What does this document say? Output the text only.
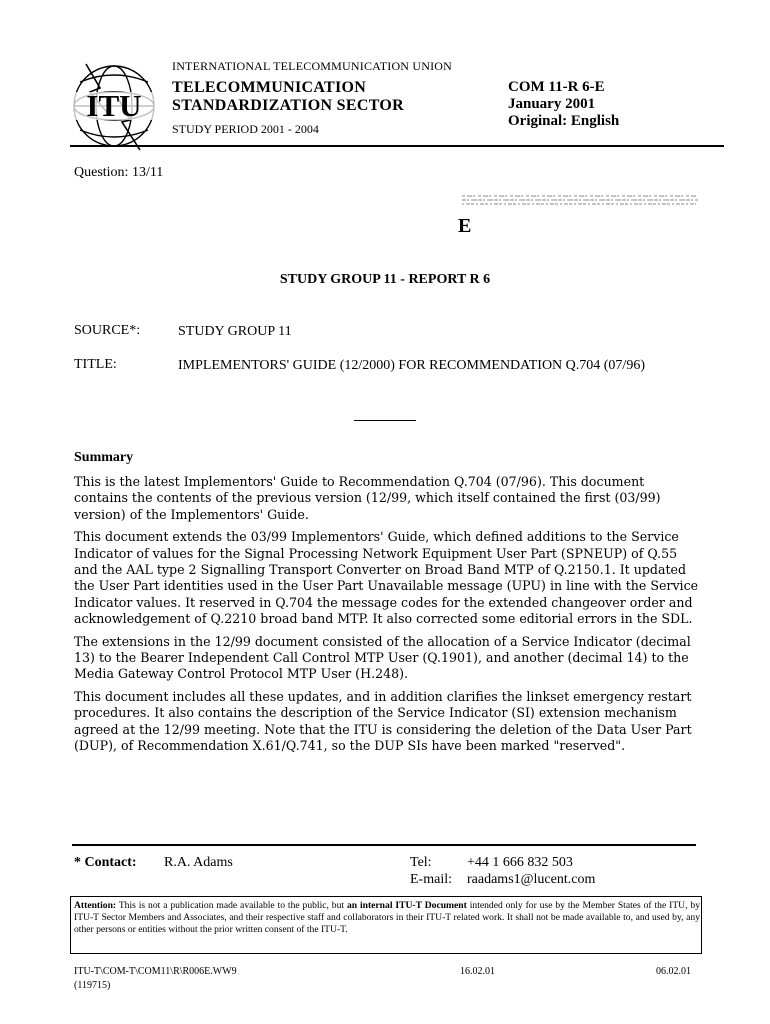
ITU
INTERNATIONAL TELECOMMUNICATION UNION
TELECOMMUNICATION
STANDARDIZATION SECTOR
STUDY PERIOD 2001 - 2004
COM 11-R 6-E
January 2001
Original: English
Question: 13/11
E
STUDY GROUP 11 - REPORT R 6
SOURCE*:	STUDY GROUP 11
TITLE:	IMPLEMENTORS' GUIDE (12/2000) FOR RECOMMENDATION Q.704 (07/96)
Summary

This is the latest Implementors' Guide to Recommendation Q.704 (07/96). This document contains the contents of the previous version (12/99, which itself contained the first (03/99) version) of the Implementors' Guide.

This document extends the 03/99 Implementors' Guide, which defined additions to the Service Indicator of values for the Signal Processing Network Equipment User Part (SPNEUP) of Q.55 and the AAL type 2 Signalling Transport Converter on Broad Band MTP of Q.2150.1. It updated the User Part identities used in the User Part Unavailable message (UPU) in line with the Service Indicator values. It reserved in Q.704 the message codes for the extended changeover order and acknowledgement of Q.2210 broad band MTP. It also corrected some editorial errors in the SDL.

The extensions in the 12/99 document consisted of the allocation of a Service Indicator (decimal 13) to the Bearer Independent Call Control MTP User (Q.1901), and another (decimal 14) to the Media Gateway Control Protocol MTP User (H.248).

This document includes all these updates, and in addition clarifies the linkset emergency restart procedures. It also contains the description of the Service Indicator (SI) extension mechanism agreed at the 12/99 meeting. Note that the ITU is considering the deletion of the Data User Part (DUP), of Recommendation X.61/Q.741, so the DUP SIs have been marked "reserved".

* Contact: R.A. Adams	Tel:	+44 1 666 832 503
E-mail: raadams1@lucent.com
Attention: This is not a publication made available to the public, but an internal ITU-T Document intended only for use by the Member States of the ITU, by ITU-T Sector Members and Associates, and their respective staff and collaborators in their ITU-T related work. It shall not be made available to, and used by, any other persons or entities without the prior written consent of the ITU-T.
ITU-T\COM-T\COM11\R\R006E.WW9
(119715)
16.02.01	06.02.01
